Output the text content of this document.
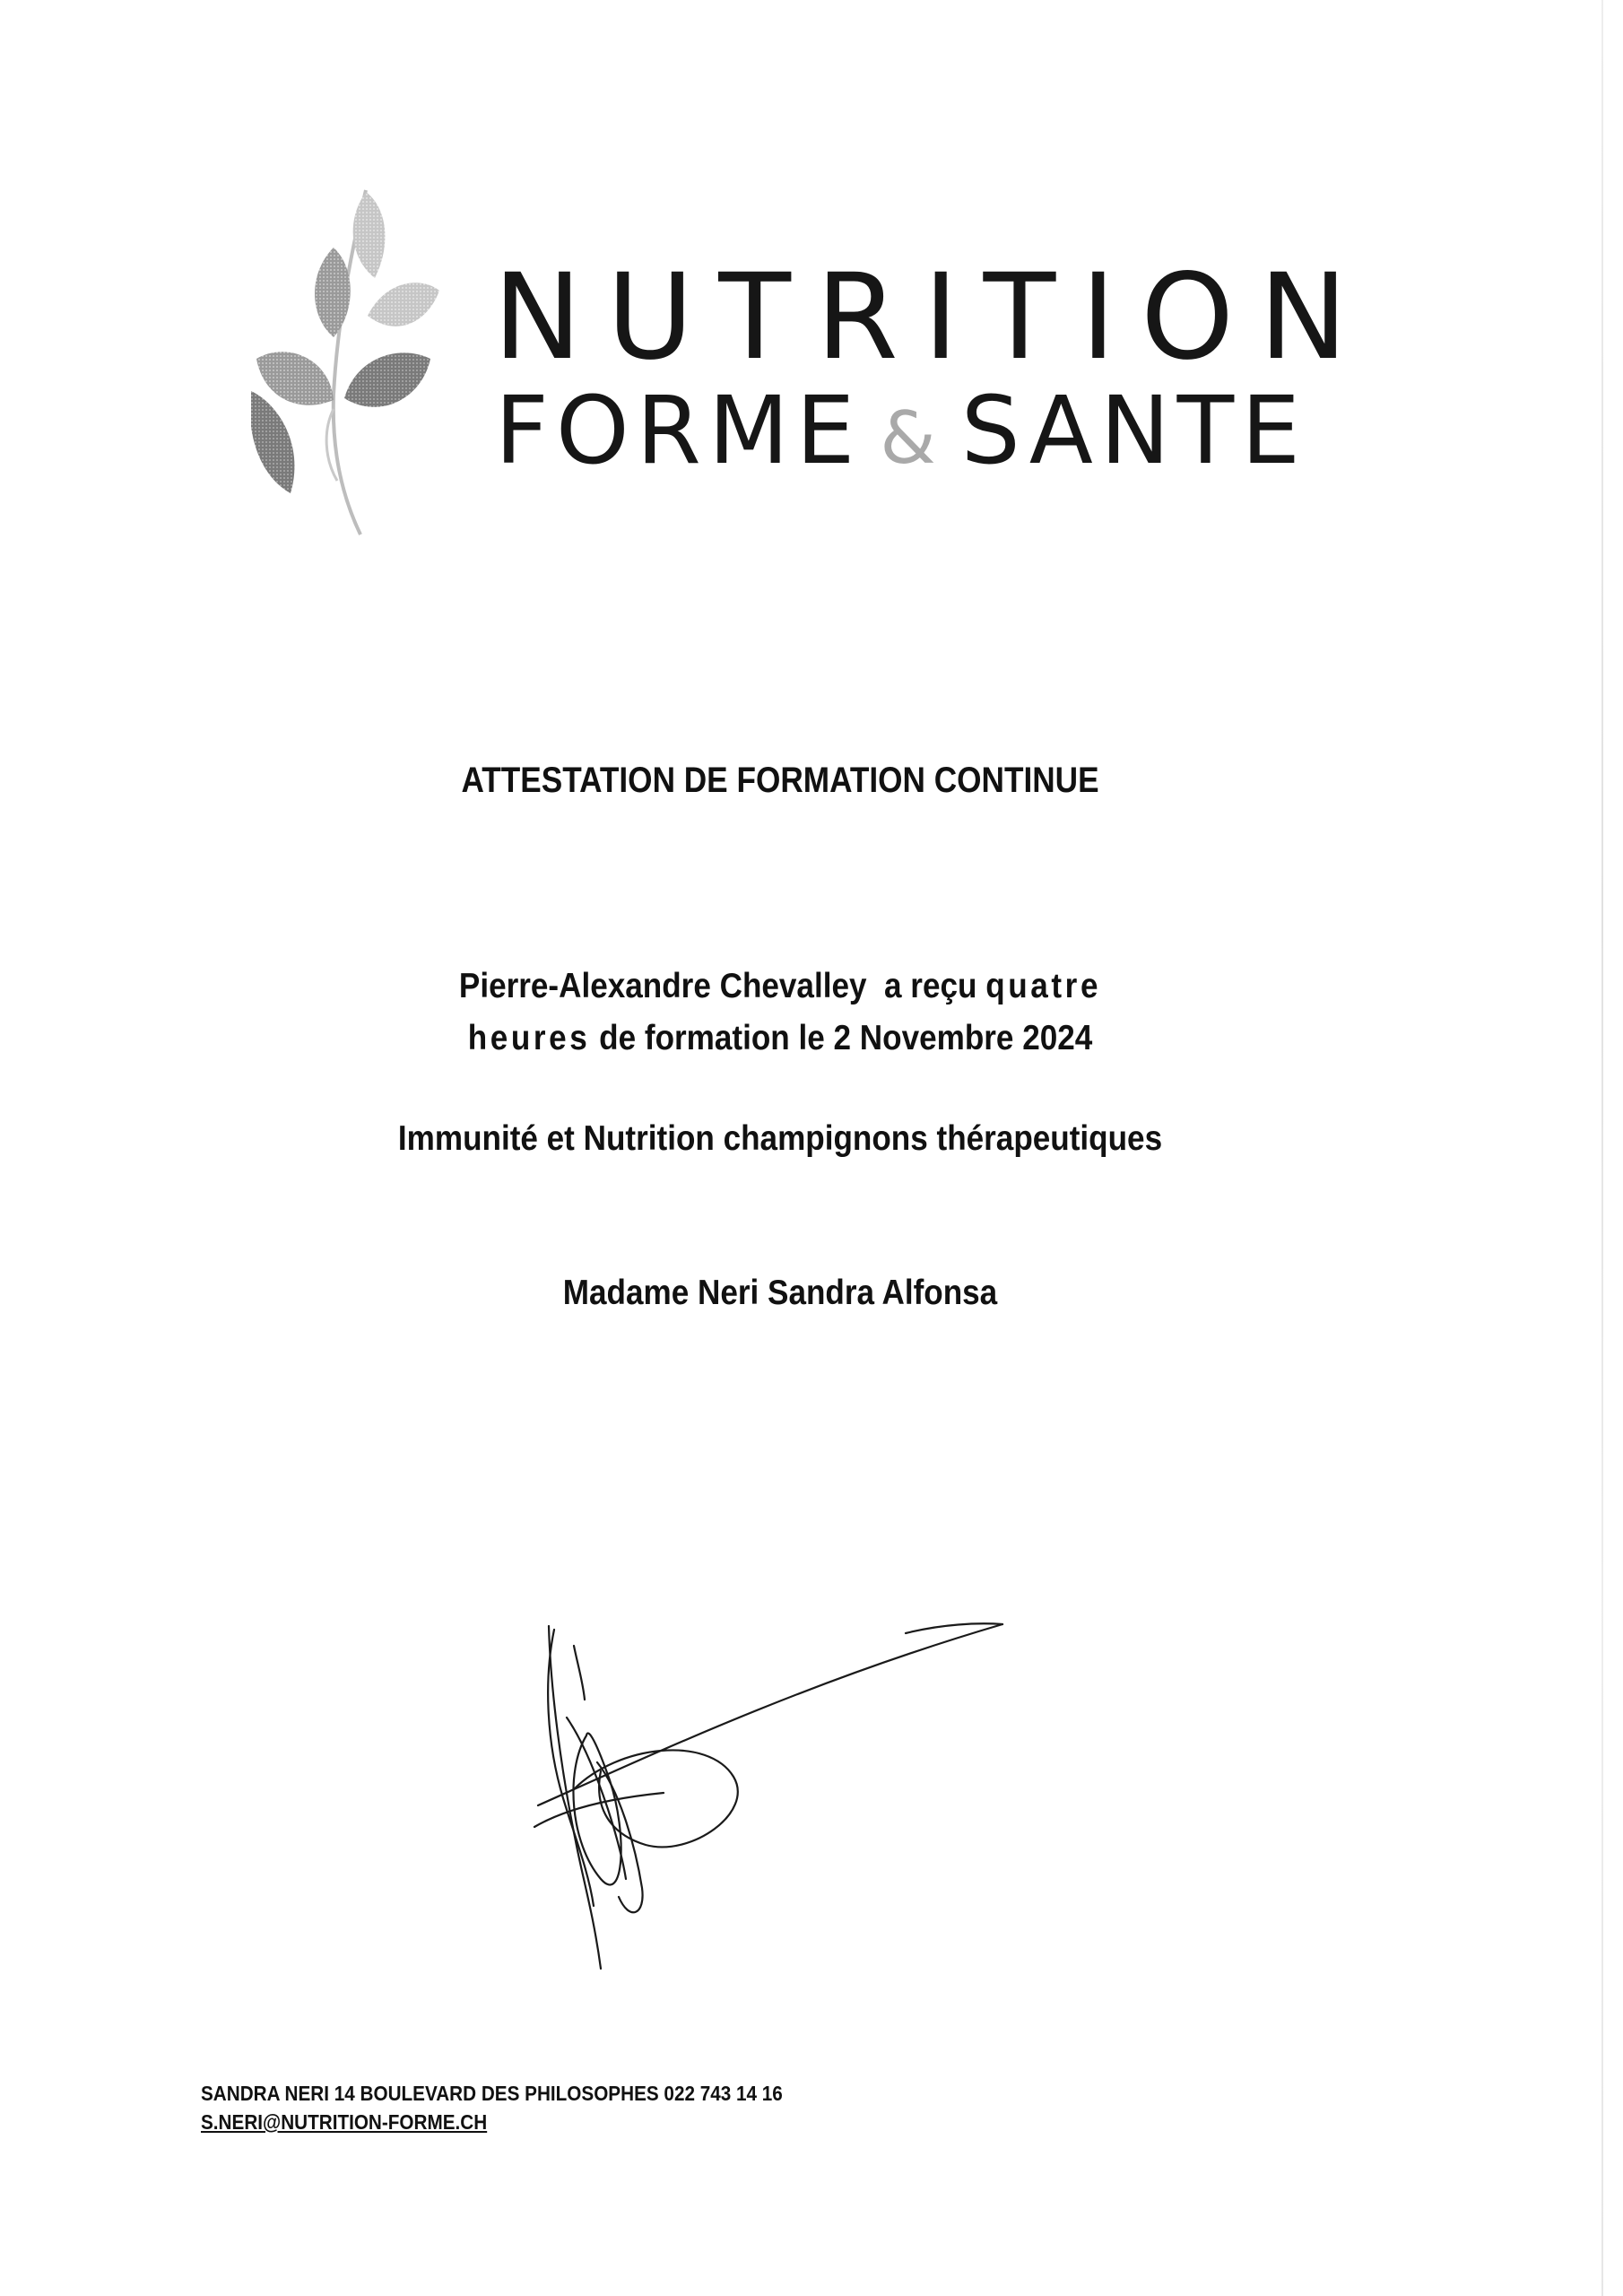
NUTRITION
FORME & SANTE
ATTESTATION DE FORMATION CONTINUE
Pierre-Alexandre Chevalley a reçu quatre
heures de formation le 2 Novembre 2024
Immunité et Nutrition champignons thérapeutiques
Madame Neri Sandra Alfonsa
SANDRA NERI 14 BOULEVARD DES PHILOSOPHES 022 743 14 16
S.NERI@NUTRITION-FORME.CH
